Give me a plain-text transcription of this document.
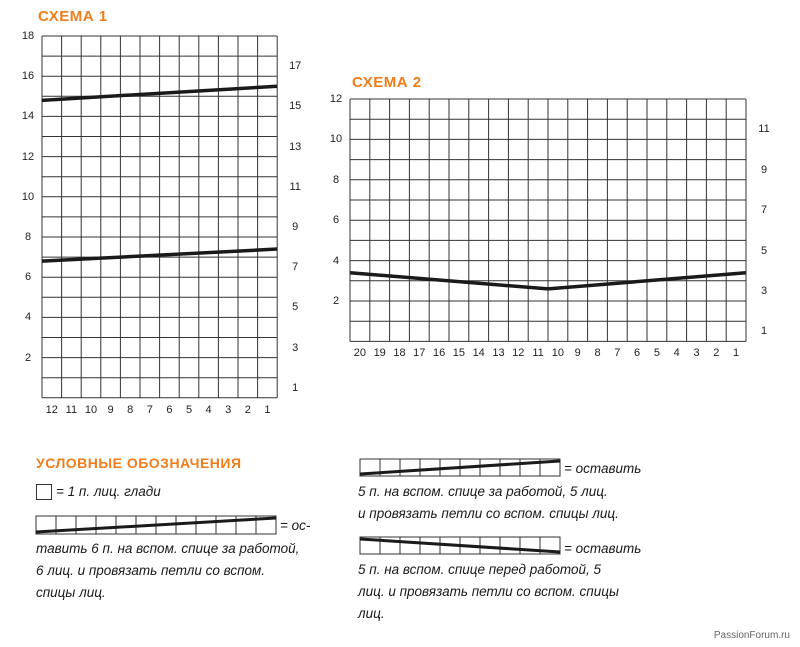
СХЕМА 1
СХЕМА 2
УСЛОВНЫЕ ОБОЗНАЧЕНИЯ
12 11 10 9 8 7 6 5 4 3 2 1
2
4
6
8
10
12
14
16
18
1
3
5
7
9
11
13
15
17
20 19 18 17 16 15 14 13 12 11 10 9 8 7 6 5 4 3 2 1
2
4
6
8
10
12
1
3
5
7
9
11
= 1 п. лиц. глади
= ос-
тавить 6 п. на вспом. спице за работой,
6 лиц. и провязать петли со вспом.
спицы лиц.
= оставить
5 п. на вспом. спице за работой, 5 лиц.
и провязать петли со вспом. спицы лиц.
= оставить
5 п. на вспом. спице перед работой, 5
лиц. и провязать петли со вспом. спицы
лиц.
PassionForum.ru
